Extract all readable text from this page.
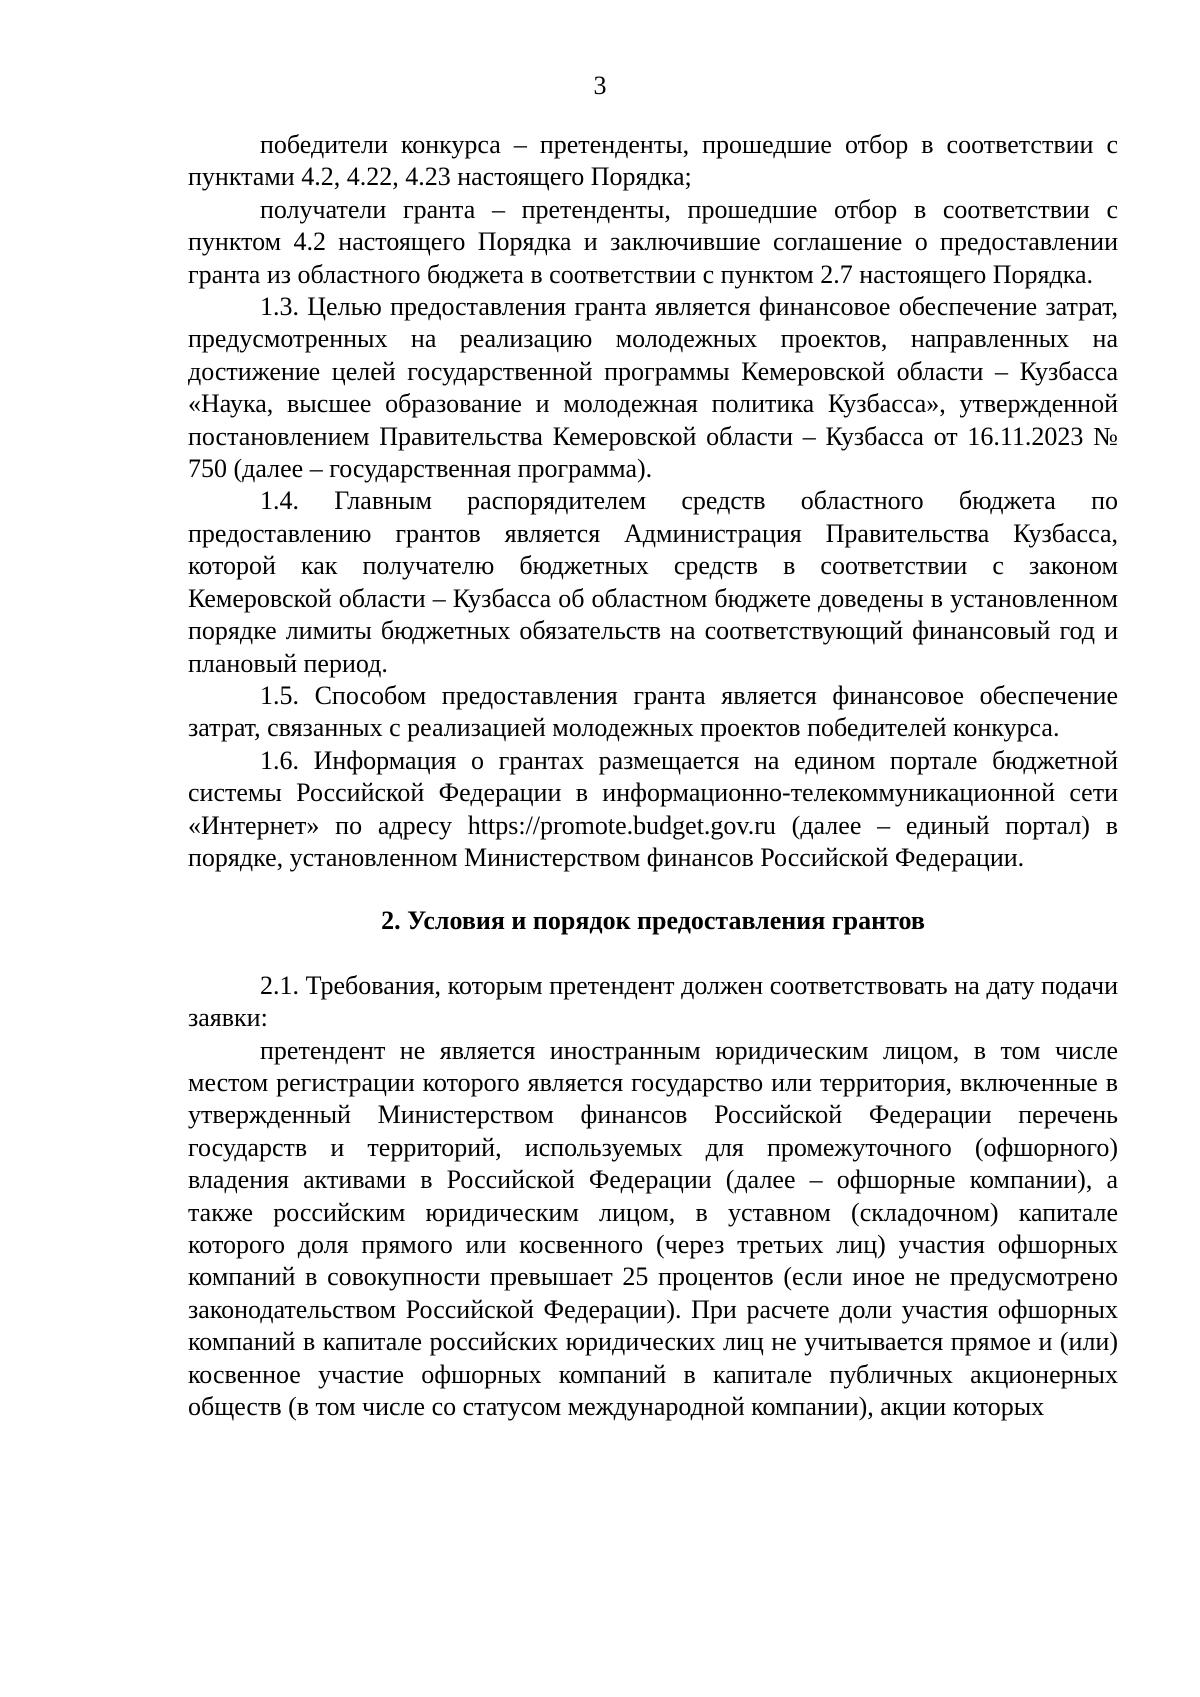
3

победители конкурса – претенденты, прошедшие отбор в соответствии с пунктами 4.2, 4.22, 4.23 настоящего Порядка;

получатели гранта – претенденты, прошедшие отбор в соответствии с пунктом 4.2 настоящего Порядка и заключившие соглашение о предоставлении гранта из областного бюджета в соответствии с пунктом 2.7 настоящего Порядка.

1.3. Целью предоставления гранта является финансовое обеспечение затрат, предусмотренных на реализацию молодежных проектов, направленных на достижение целей государственной программы Кемеровской области – Кузбасса «Наука, высшее образование и молодежная политика Кузбасса», утвержденной постановлением Правительства Кемеровской области – Кузбасса от 16.11.2023 № 750 (далее – государственная программа).

1.4. Главным распорядителем средств областного бюджета по предоставлению грантов является Администрация Правительства Кузбасса, которой как получателю бюджетных средств в соответствии с законом Кемеровской области – Кузбасса об областном бюджете доведены в установленном порядке лимиты бюджетных обязательств на соответствующий финансовый год и плановый период.

1.5. Способом предоставления гранта является финансовое обеспечение затрат, связанных с реализацией молодежных проектов победителей конкурса.

1.6. Информация о грантах размещается на едином портале бюджетной системы Российской Федерации в информационно-телекоммуникационной сети «Интернет» по адресу https://promote.budget.gov.ru (далее – единый портал) в порядке, установленном Министерством финансов Российской Федерации.

2. Условия и порядок предоставления грантов

2.1. Требования, которым претендент должен соответствовать на дату подачи заявки:

претендент не является иностранным юридическим лицом, в том числе местом регистрации которого является государство или территория, включенные в утвержденный Министерством финансов Российской Федерации перечень государств и территорий, используемых для промежуточного (офшорного) владения активами в Российской Федерации (далее – офшорные компании), а также российским юридическим лицом, в уставном (складочном) капитале которого доля прямого или косвенного (через третьих лиц) участия офшорных компаний в совокупности превышает 25 процентов (если иное не предусмотрено законодательством Российской Федерации). При расчете доли участия офшорных компаний в капитале российских юридических лиц не учитывается прямое и (или) косвенное участие офшорных компаний в капитале публичных акционерных обществ (в том числе со статусом международной компании), акции которых
